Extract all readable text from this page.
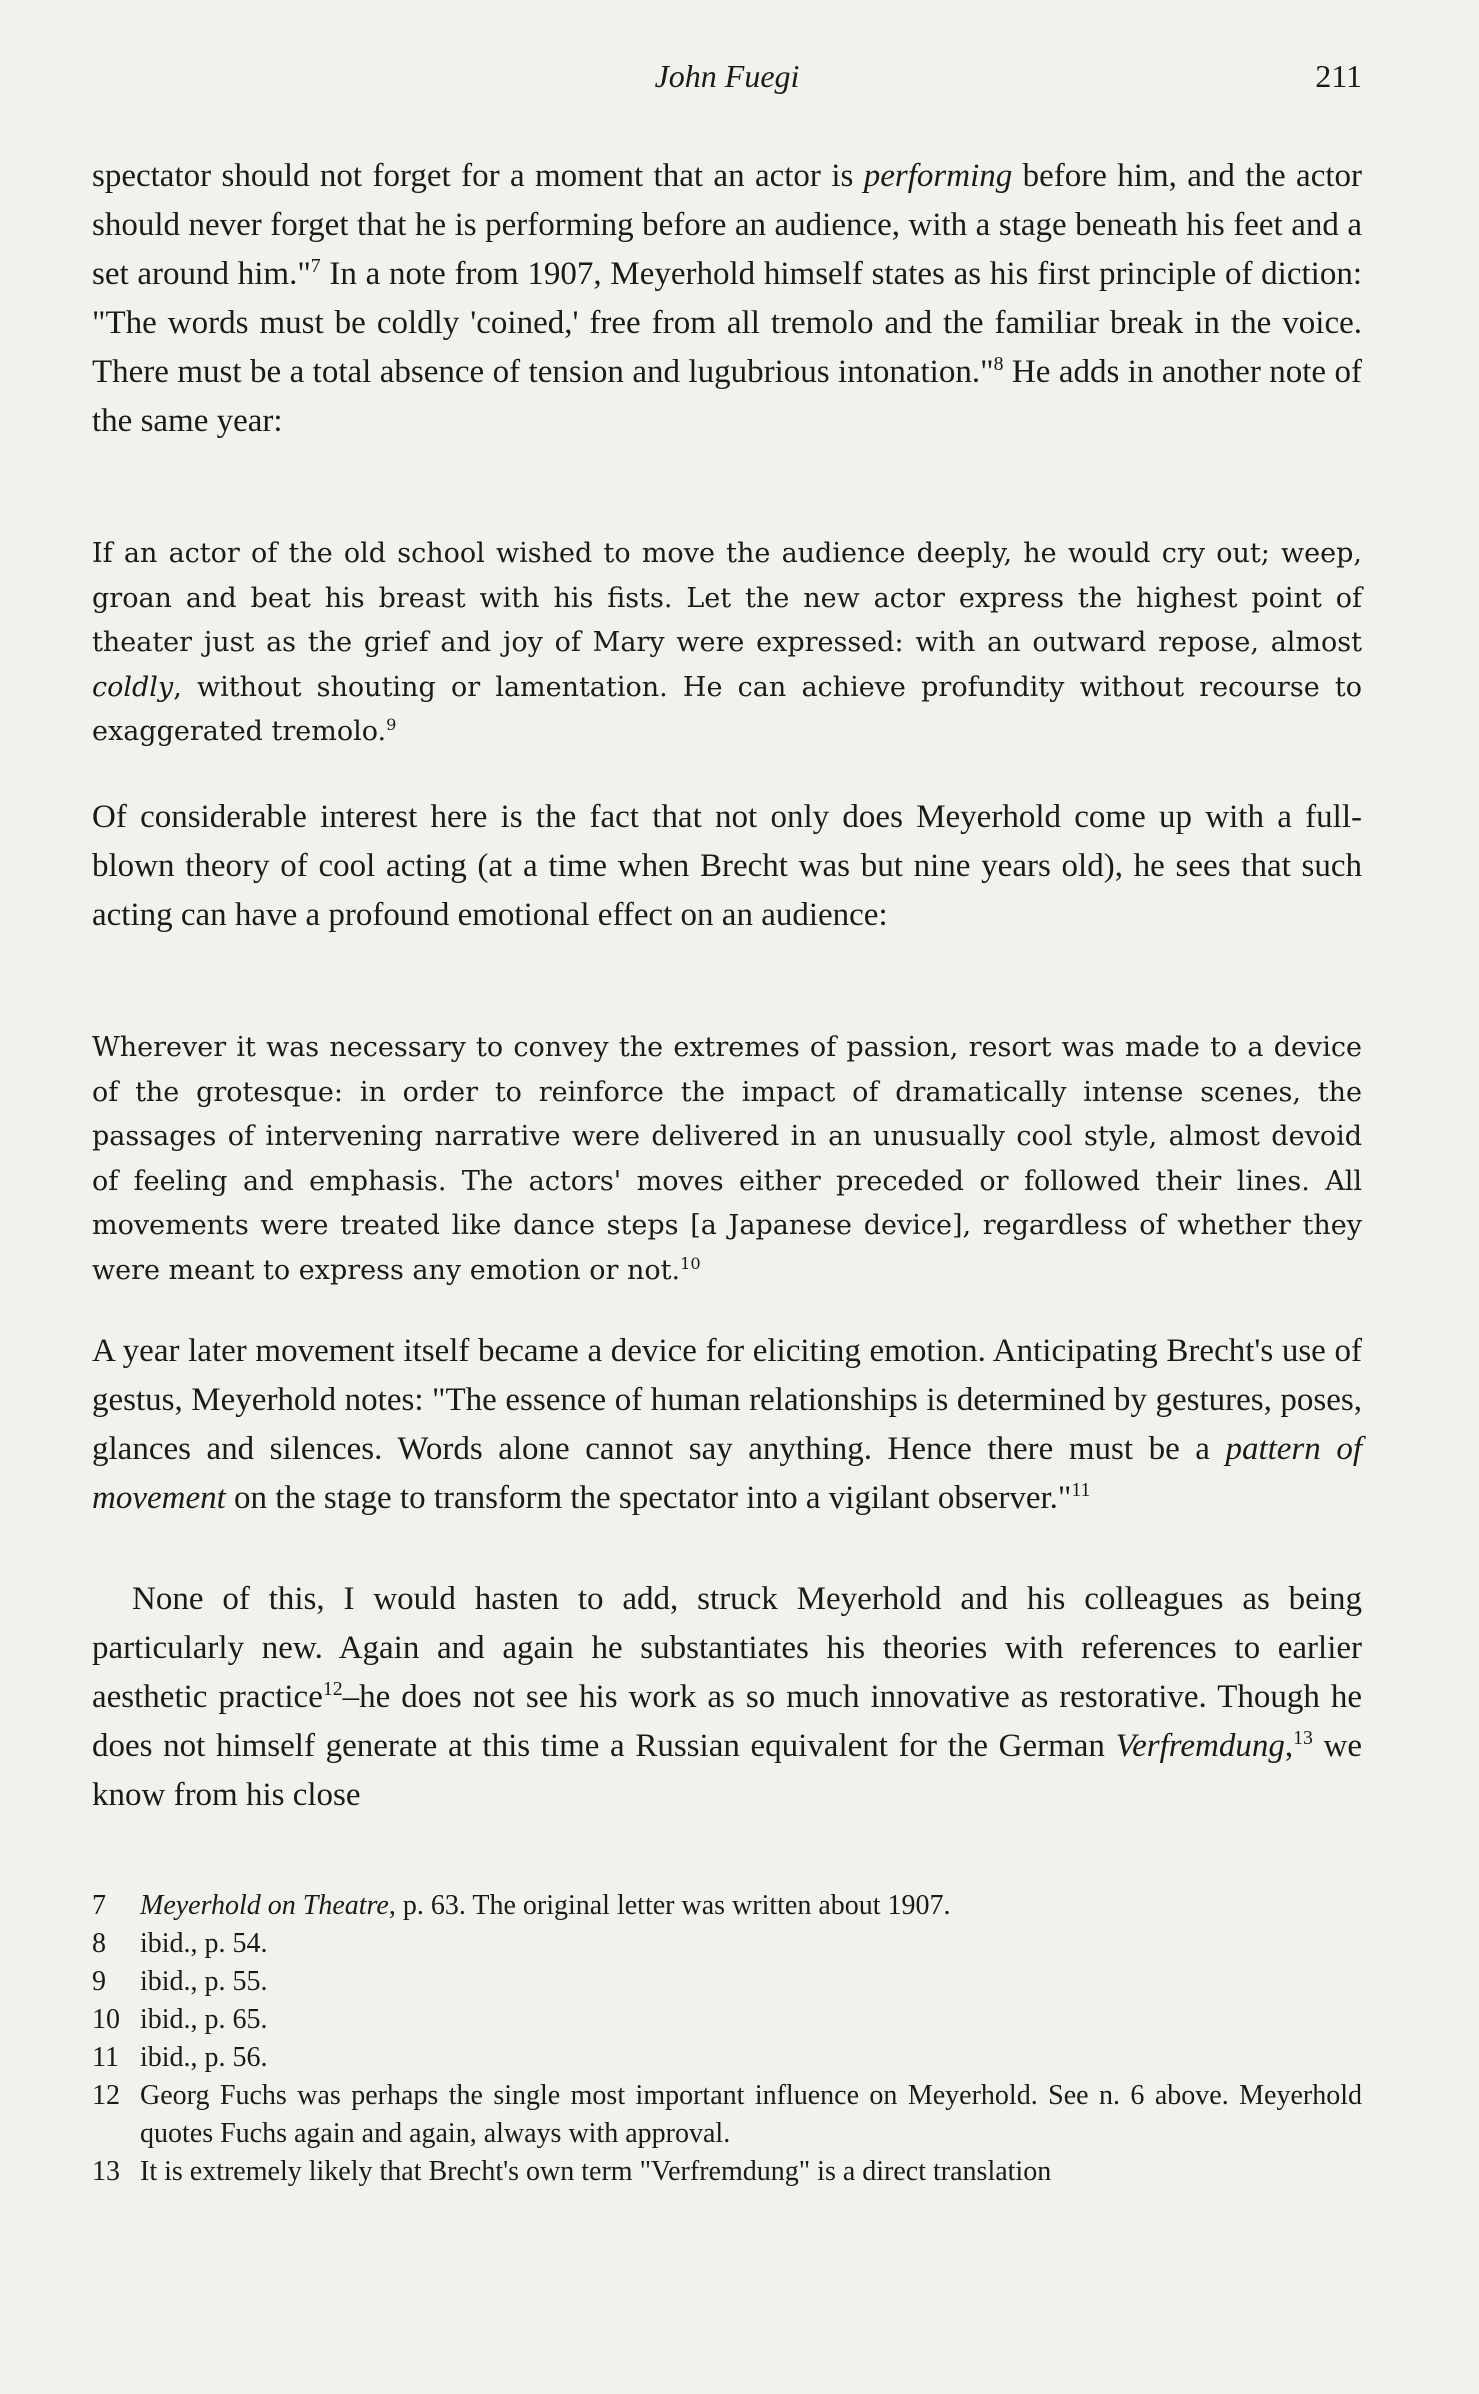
John Fuegi	211

spectator should not forget for a moment that an actor is performing before him, and the actor should never forget that he is performing before an audience, with a stage beneath his feet and a set around him."$^7$ In a note from 1907, Meyerhold himself states as his first principle of diction: "The words must be coldly 'coined,' free from all tremolo and the familiar break in the voice. There must be a total absence of tension and lugubrious intonation."$^8$ He adds in another note of the same year:

If an actor of the old school wished to move the audience deeply, he would cry out; weep, groan and beat his breast with his fists. Let the new actor express the highest point of theater just as the grief and joy of Mary were expressed: with an outward repose, almost coldly, without shouting or lamentation. He can achieve profundity without recourse to exaggerated tremolo.$^9$

Of considerable interest here is the fact that not only does Meyerhold come up with a full-blown theory of cool acting (at a time when Brecht was but nine years old), he sees that such acting can have a profound emotional effect on an audience:

Wherever it was necessary to convey the extremes of passion, resort was made to a device of the grotesque: in order to reinforce the impact of dramatically intense scenes, the passages of intervening narrative were delivered in an unusually cool style, almost devoid of feeling and emphasis. The actors' moves either preceded or followed their lines. All movements were treated like dance steps [a Japanese device], regardless of whether they were meant to express any emotion or not.$^{10}$

A year later movement itself became a device for eliciting emotion. Anticipating Brecht's use of gestus, Meyerhold notes: "The essence of human relationships is determined by gestures, poses, glances and silences. Words alone cannot say anything. Hence there must be a pattern of movement on the stage to transform the spectator into a vigilant observer."$^{11}$

None of this, I would hasten to add, struck Meyerhold and his colleagues as being particularly new. Again and again he substantiates his theories with references to earlier aesthetic practice$^{12}$–he does not see his work as so much innovative as restorative. Though he does not himself generate at this time a Russian equivalent for the German Verfremdung,$^{13}$ we know from his close

7	Meyerhold on Theatre, p. 63. The original letter was written about 1907.
8	ibid., p. 54.
9	ibid., p. 55.
10 ibid., p. 65.
11 ibid., p. 56.
12 Georg Fuchs was perhaps the single most important influence on Meyerhold. See n. 6 above. Meyerhold quotes Fuchs again and again, always with approval.
13 It is extremely likely that Brecht's own term "Verfremdung" is a direct translation
